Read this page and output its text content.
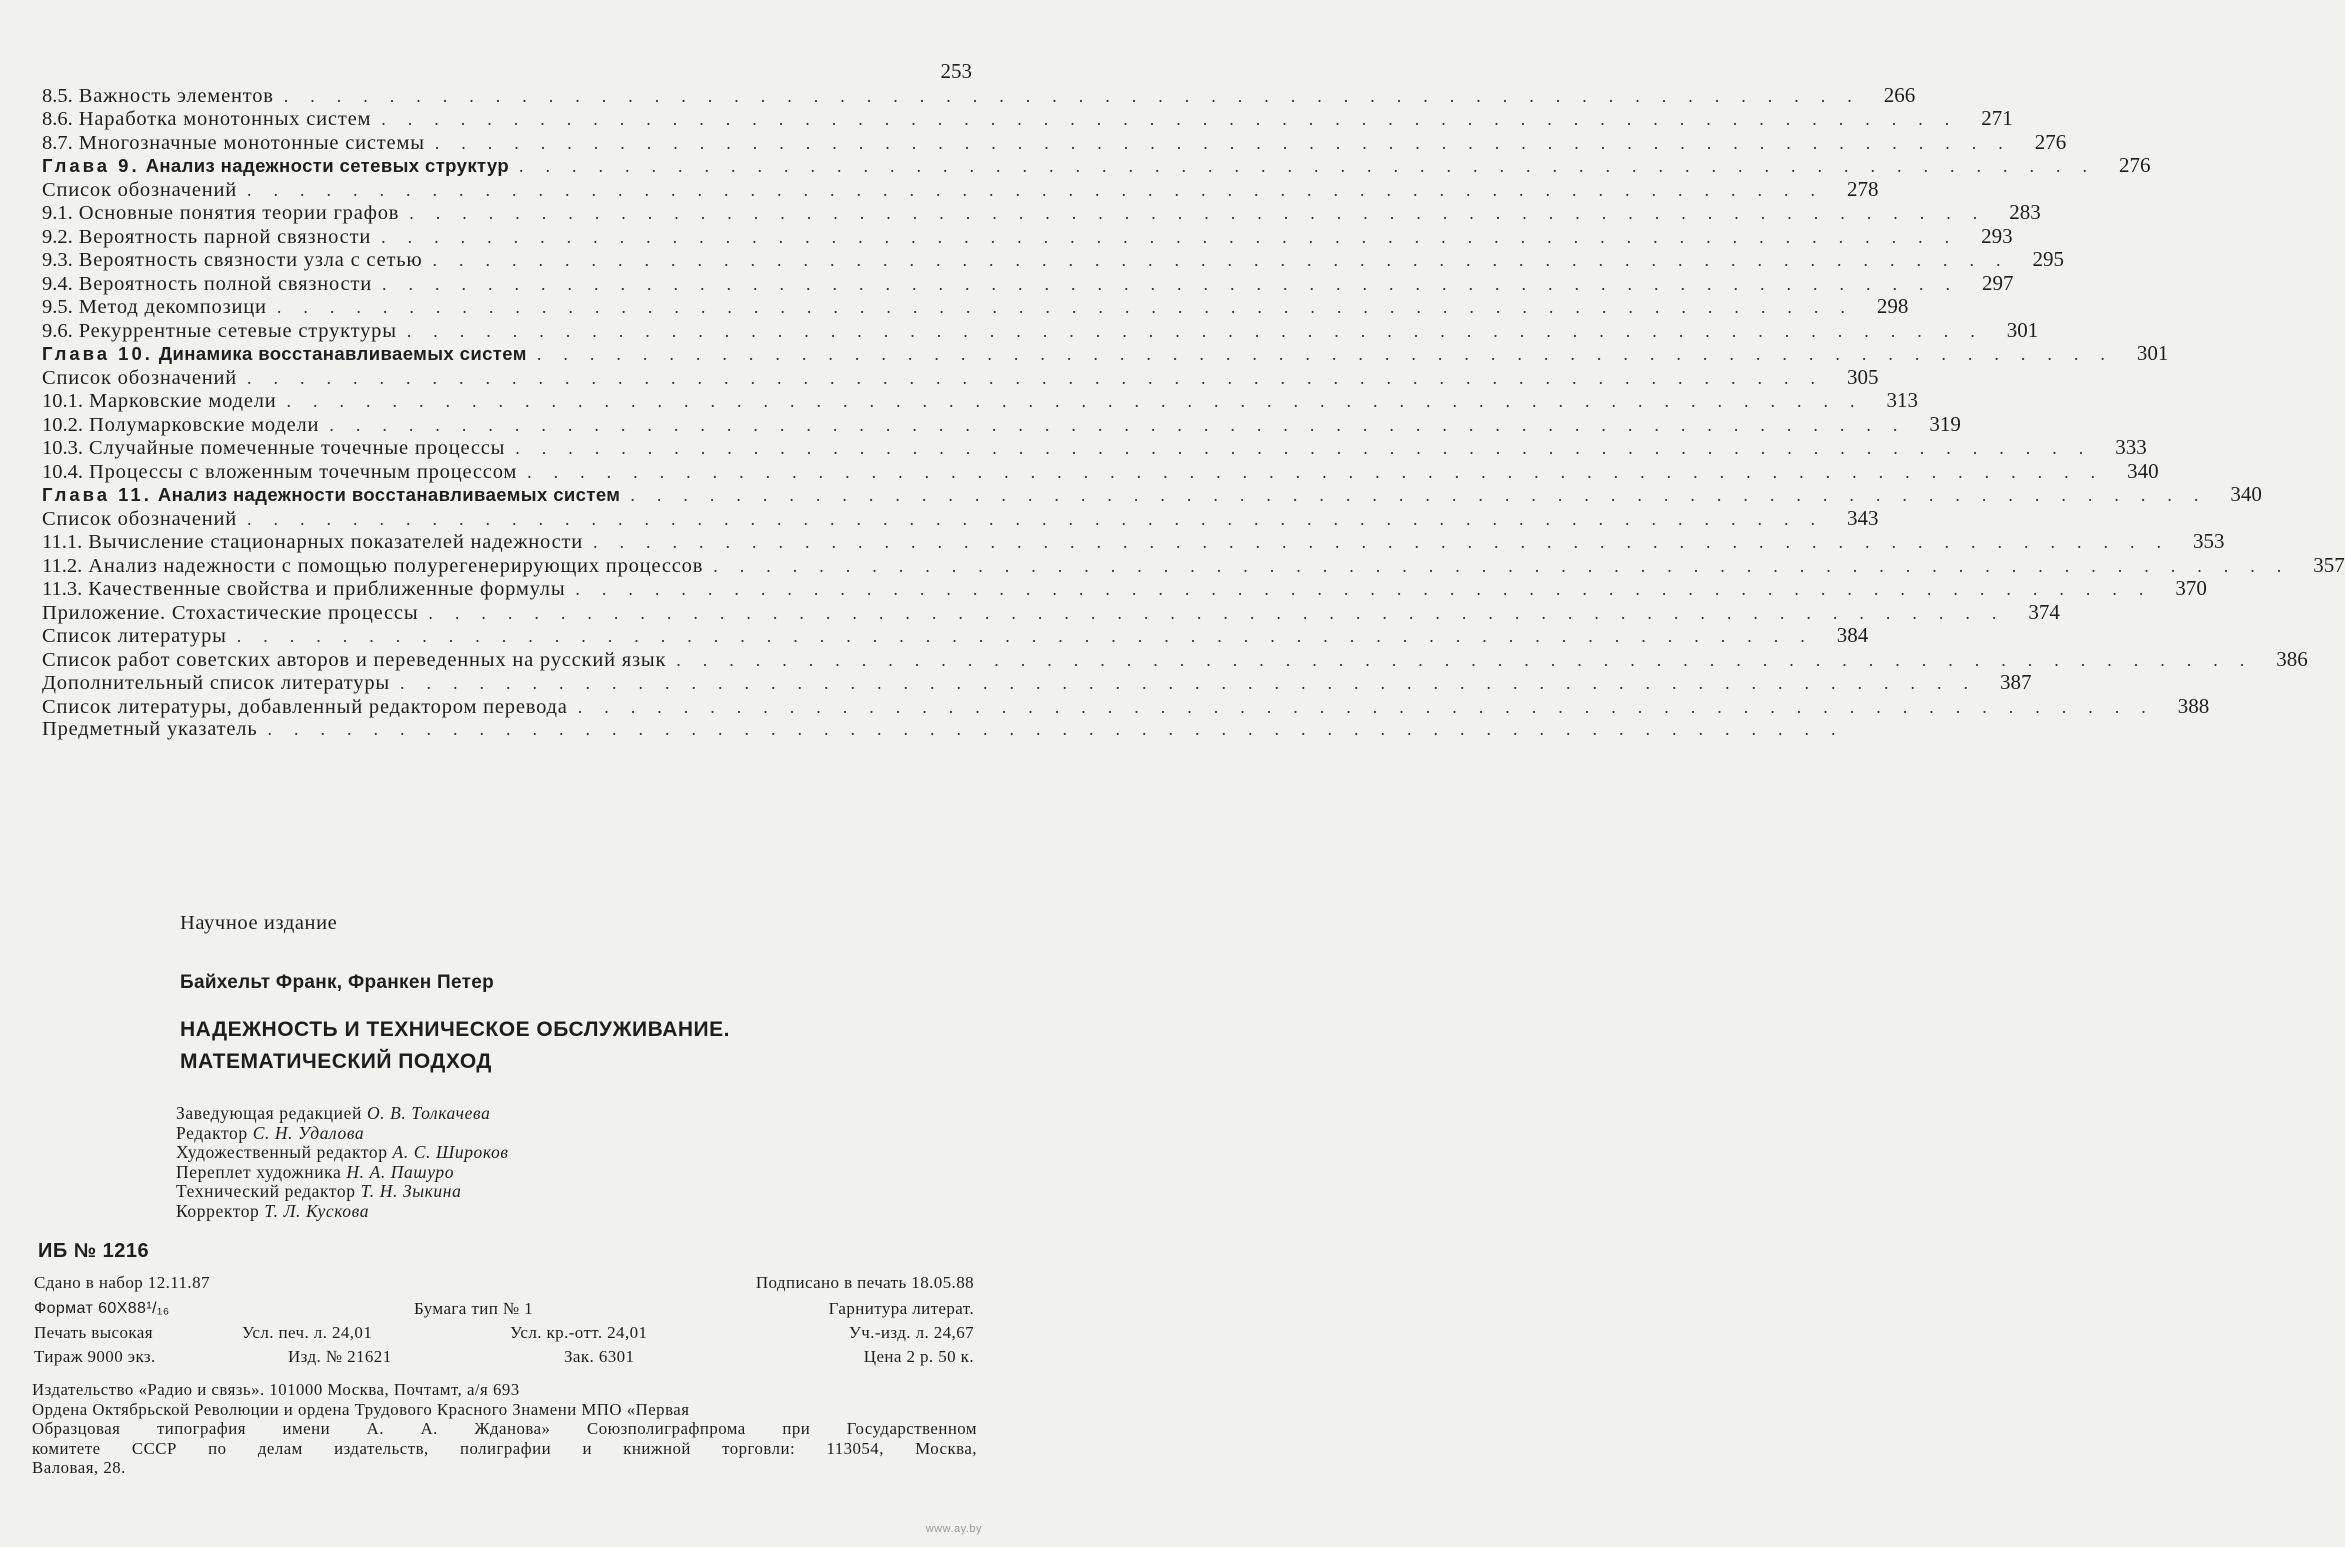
253
8.5. Важность элементов ............................................................ 266
8.6. Наработка монотонных систем ............................................................ 271
8.7. Многозначные монотонные системы ............................................................ 276
Глава 9. Анализ надежности сетевых структур ............................................................ 276
Список обозначений ............................................................ 278
9.1. Основные понятия теории графов ............................................................ 283
9.2. Вероятность парной связности ............................................................ 293
9.3. Вероятность связности узла с сетью ............................................................ 295
9.4. Вероятность полной связности ............................................................ 297
9.5. Метод декомпозици ............................................................ 298
9.6. Рекуррентные сетевые структуры ............................................................ 301
Глава 10. Динамика восстанавливаемых систем ............................................................ 301
Список обозначений ............................................................ 305
10.1. Марковские модели ............................................................ 313
10.2. Полумарковские модели ............................................................ 319
10.3. Случайные помеченные точечные процессы ............................................................ 333
10.4. Процессы с вложенным точечным процессом ............................................................ 340
Глава 11. Анализ надежности восстанавливаемых систем ............................................................ 340
Список обозначений ............................................................ 343
11.1. Вычисление стационарных показателей надежности ............................................................ 353
11.2. Анализ надежности с помощью полурегенерирующих процессов ............................................................ 357
11.3. Качественные свойства и приближенные формулы ............................................................ 370
Приложение. Стохастические процессы ............................................................ 374
Список литературы ............................................................ 384
Список работ советских авторов и переведенных на русский язык ............................................................ 386
Дополнительный список литературы ............................................................ 387
Список литературы, добавленный редактором перевода ............................................................ 388
Предметный указатель ............................................................
Научное издание
Байхельт Франк, Франкен Петер
НАДЕЖНОСТЬ И ТЕХНИЧЕСКОЕ ОБСЛУЖИВАНИЕ.
МАТЕМАТИЧЕСКИЙ ПОДХОД
Заведующая редакцией О. В. Толкачева
Редактор С. Н. Удалова
Художественный редактор А. С. Широков
Переплет художника Н. А. Пашуро
Технический редактор Т. Н. Зыкина
Корректор Т. Л. Кускова
ИБ № 1216
Сдано в набор 12.11.87	Подписано в печать 18.05.88
Формат 60Х88¹/₁₆	Бумага тип № 1	Гарнитура литерат.
Печать высокая	Усл. печ. л. 24,01	Усл. кр.-отт. 24,01	Уч.-изд. л. 24,67
Тираж 9000 экз.	Изд. № 21621	Зак. 6301	Цена 2 р. 50 к.
Издательство «Радио и связь». 101000 Москва, Почтамт, а/я 693
Ордена Октябрьской Революции и ордена Трудового Красного Знамени МПО «Первая
Образцовая типография имени А. А. Жданова» Союзполиграфпрома при Государственном
комитете СССР по делам издательств, полиграфии и книжной торговли: 113054, Москва,
Валовая, 28.
www.ay.by
